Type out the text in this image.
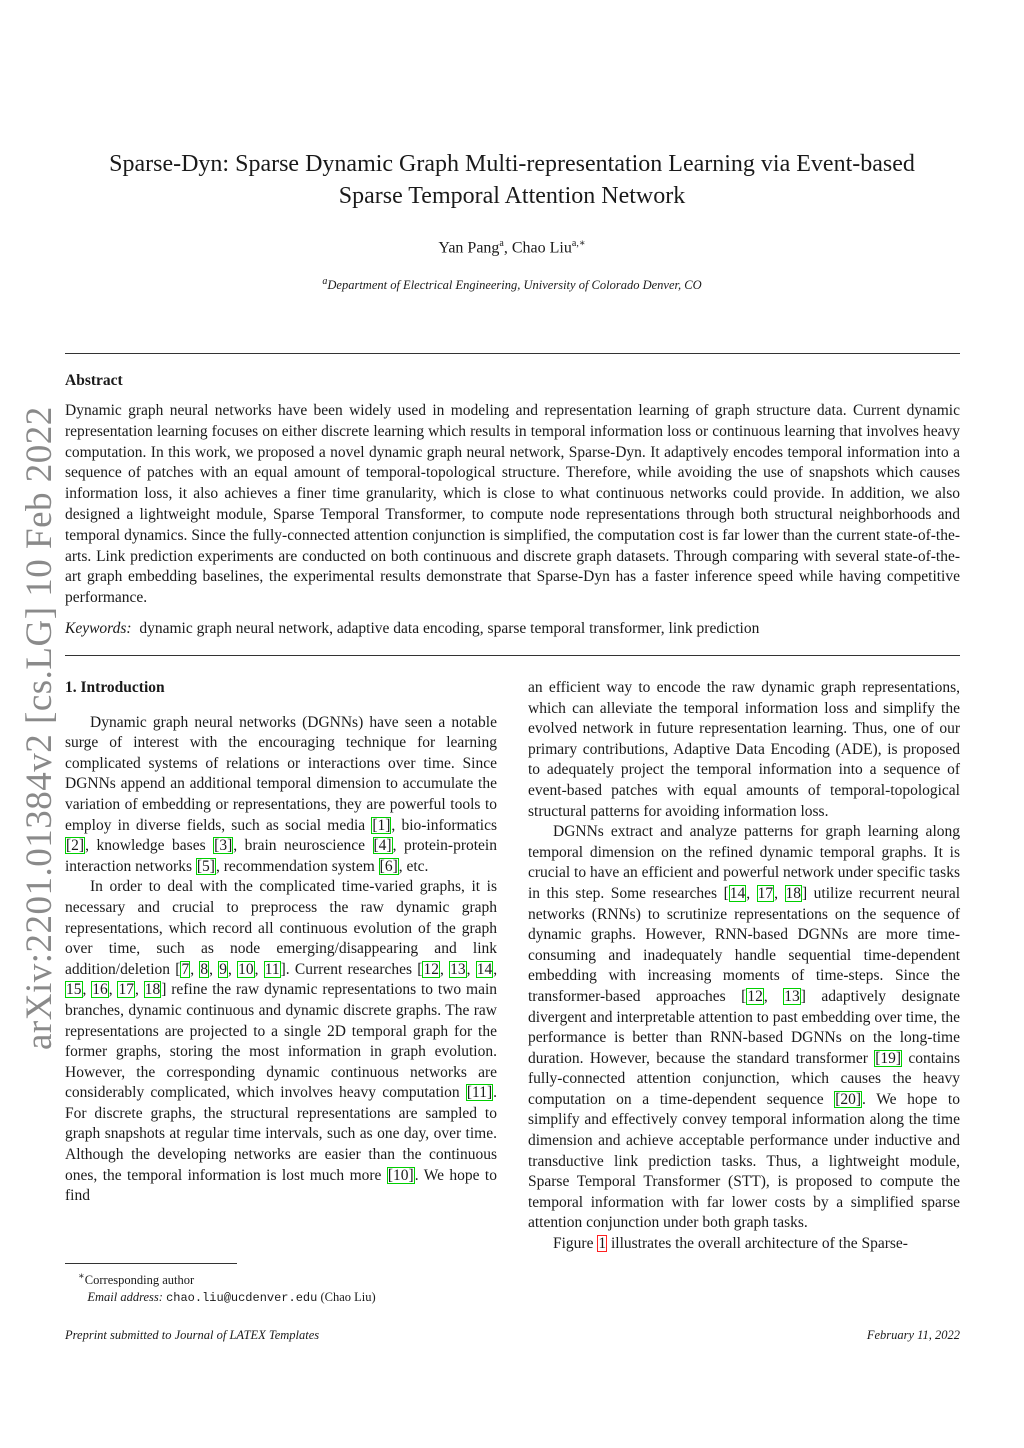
arXiv:2201.01384v2 [cs.LG] 10 Feb 2022
Sparse-Dyn: Sparse Dynamic Graph Multi-representation Learning via Event-based
Sparse Temporal Attention Network
Yan Pang$^a$, Chao Liu$^{a,∗}$
$^a$Department of Electrical Engineering, University of Colorado Denver, CO
Abstract
Dynamic graph neural networks have been widely used in modeling and representation learning of graph structure data. Current dynamic representation learning focuses on either discrete learning which results in temporal information loss or continuous learning that involves heavy computation. In this work, we proposed a novel dynamic graph neural network, Sparse-Dyn. It adaptively encodes temporal information into a sequence of patches with an equal amount of temporal-topological structure. Therefore, while avoiding the use of snapshots which causes information loss, it also achieves a finer time granularity, which is close to what continuous networks could provide. In addition, we also designed a lightweight module, Sparse Temporal Transformer, to compute node representations through both structural neighborhoods and temporal dynamics. Since the fully-connected attention conjunction is simplified, the computation cost is far lower than the current state-of-the-arts. Link prediction experiments are conducted on both continuous and discrete graph datasets. Through comparing with several state-of-the-art graph embedding baselines, the experimental results demonstrate that Sparse-Dyn has a faster inference speed while having competitive performance.
Keywords: dynamic graph neural network, adaptive data encoding, sparse temporal transformer, link prediction
1. Introduction

Dynamic graph neural networks (DGNNs) have seen a notable surge of interest with the encouraging technique for learning complicated systems of relations or interactions over time. Since DGNNs append an additional temporal dimension to accumulate the variation of embedding or representations, they are powerful tools to employ in diverse fields, such as social media [1], bio-informatics [2], knowledge bases [3], brain neuroscience [4], protein-protein interaction networks [5], recommendation system [6], etc.

In order to deal with the complicated time-varied graphs, it is necessary and crucial to preprocess the raw dynamic graph representations, which record all continuous evolution of the graph over time, such as node emerging/disappearing and link addition/deletion [7, 8, 9, 10, 11]. Current researches [12, 13, 14, 15, 16, 17, 18] refine the raw dynamic representations to two main branches, dynamic continuous and dynamic discrete graphs. The raw representations are projected to a single 2D temporal graph for the former graphs, storing the most information in graph evolution. However, the corresponding dynamic continuous networks are considerably complicated, which involves heavy computation [11]. For discrete graphs, the structural representations are sampled to graph snapshots at regular time intervals, such as one day, over time. Although the developing networks are easier than the continuous ones, the temporal information is lost much more [10]. We hope to find

an efficient way to encode the raw dynamic graph representations, which can alleviate the temporal information loss and simplify the evolved network in future representation learning. Thus, one of our primary contributions, Adaptive Data Encoding (ADE), is proposed to adequately project the temporal information into a sequence of event-based patches with equal amounts of temporal-topological structural patterns for avoiding information loss.

DGNNs extract and analyze patterns for graph learning along temporal dimension on the refined dynamic temporal graphs. It is crucial to have an efficient and powerful network under specific tasks in this step. Some researches [14, 17, 18] utilize recurrent neural networks (RNNs) to scrutinize representations on the sequence of dynamic graphs. However, RNN-based DGNNs are more time-consuming and inadequately handle sequential time-dependent embedding with increasing moments of time-steps. Since the transformer-based approaches [12, 13] adaptively designate divergent and interpretable attention to past embedding over time, the performance is better than RNN-based DGNNs on the long-time duration. However, because the standard transformer [19] contains fully-connected attention conjunction, which causes the heavy computation on a time-dependent sequence [20]. We hope to simplify and effectively convey temporal information along the time dimension and achieve acceptable performance under inductive and transductive link prediction tasks. Thus, a lightweight module, Sparse Temporal Transformer (STT), is proposed to compute the temporal information with far lower costs by a simplified sparse attention conjunction under both graph tasks.

Figure 1 illustrates the overall architecture of the Sparse-

∗Corresponding author
Email address: chao.liu@ucdenver.edu (Chao Liu)
Preprint submitted to Journal of LATEX Templates	February 11, 2022
